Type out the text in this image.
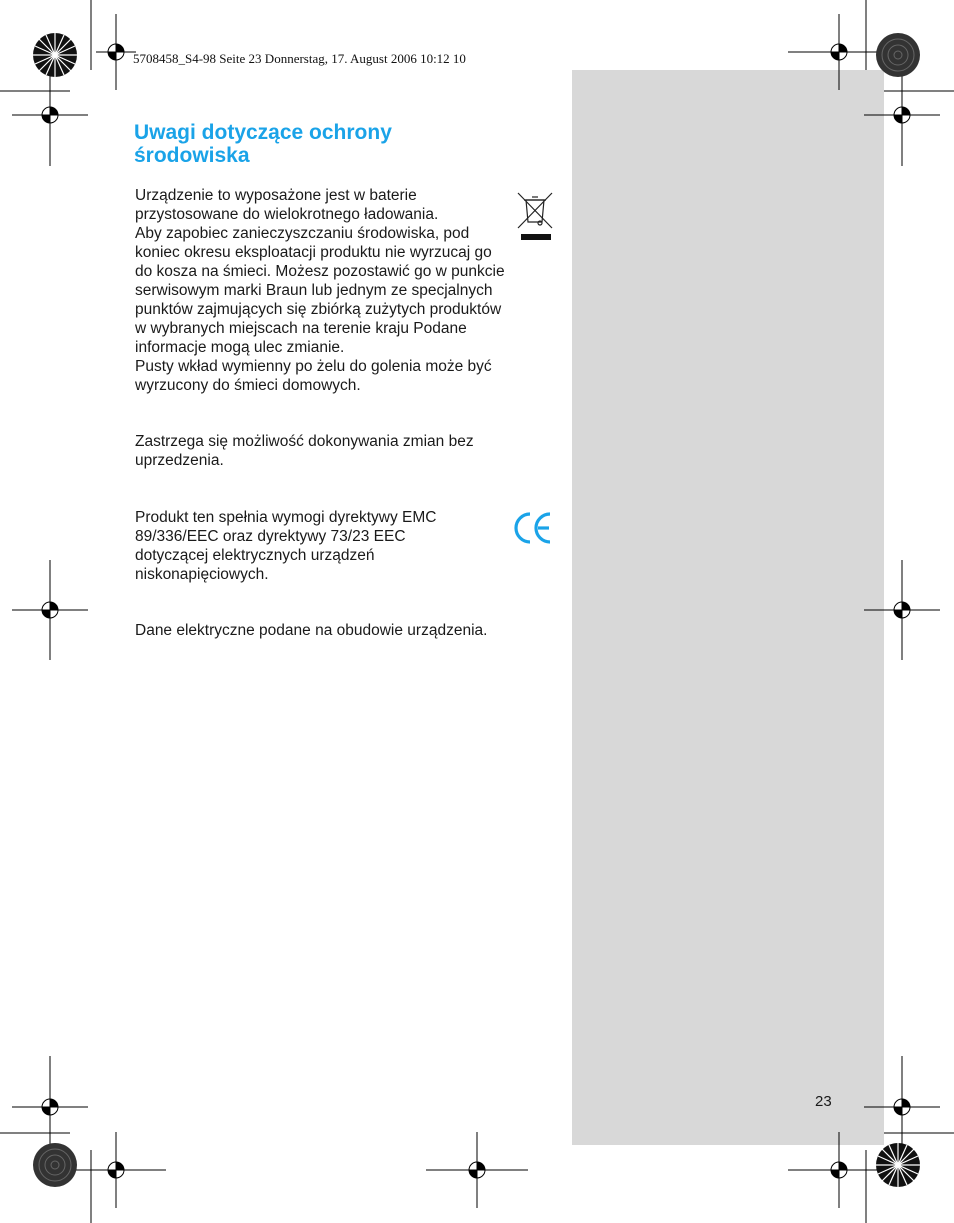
5708458_S4-98 Seite 23 Donnerstag, 17. August 2006 10:12 10
Uwagi dotyczące ochrony środowiska

Urządzenie to wyposażone jest w baterie
przystosowane do wielokrotnego ładowania.
Aby zapobiec zanieczyszczaniu środowiska, pod
koniec okresu eksploatacji produktu nie wyrzucaj go
do kosza na śmieci. Możesz pozostawić go w punkcie
serwisowym marki Braun lub jednym ze specjalnych
punktów zajmujących się zbiórką zużytych produktów
w wybranych miejscach na terenie kraju Podane
informacje mogą ulec zmianie.
Pusty wkład wymienny po żelu do golenia może być
wyrzucony do śmieci domowych.

Zastrzega się możliwość dokonywania zmian bez
uprzedzenia.

Produkt ten spełnia wymogi dyrektywy EMC
89/336/EEC oraz dyrektywy 73/23 EEC
dotyczącej elektrycznych urządzeń
niskonapięciowych.

Dane elektryczne podane na obudowie urządzenia.

23
